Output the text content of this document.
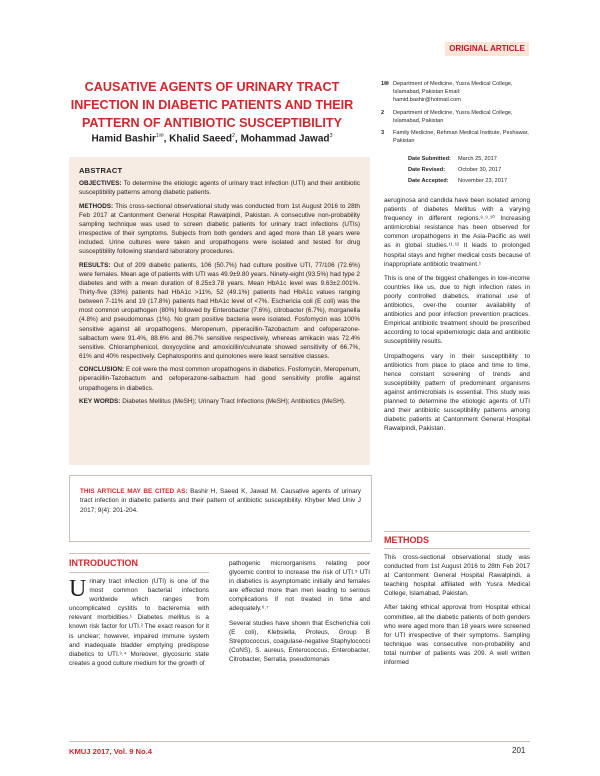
ORIGINAL ARTICLE
CAUSATIVE AGENTS OF URINARY TRACT INFECTION IN DIABETIC PATIENTS AND THEIR PATTERN OF ANTIBIOTIC SUSCEPTIBILITY
Hamid Bashir$^{1✉}$, Khalid Saeed$^2$, Mohammad Jawad$^3$
1✉ Department of Medicine, Yusra Medical College, Islamabad, Pakistan Email: hamid.bashir@hotmail.com
2	Department of Medicine, Yusra Medical College, Islamabad, Pakistan
3	Family Medicine, Rehman Medical Institute, Peshawar, Pakistan
Date Submitted:	March 25, 2017
Date Revised:	October 30, 2017
Date Accepted:	November 23, 2017
ABSTRACT

OBJECTIVES: To determine the etiologic agents of urinary tract infection (UTI) and their antibiotic susceptibility patterns among diabetic patients.

METHODS: This cross-sectional observational study was conducted from 1st August 2016 to 28th Feb 2017 at Cantonment General Hospital Rawalpindi, Pakistan. A consecutive non-probability sampling technique was used to screen diabetic patients for urinary tract infections (UTIs) irrespective of their symptoms. Subjects from both genders and aged more than 18 years were included. Urine cultures were taken and uropathogens were isolated and tested for drug susceptibility following standard laboratory procedures.

RESULTS: Out of 209 diabetic patients, 106 (50.7%) had culture positive UTI, 77/106 (72.6%) were females. Mean age of patients with UTI was 49.9±9.80 years. Ninety-eight (93.5%) had type 2 diabetes and with a mean duration of 8.25±3.78 years. Mean HbA1c level was 9.63±2.001%. Thirty-five (33%) patients had HbA1c >11%, 52 (49.1%) patients had HbA1c values ranging between 7-11% and 19 (17.8%) patients had HbA1c level of <7%. Eschericia coli (E coli) was the most common uropathogen (80%) followed by Enterobacter (7.6%), citrobacter (6.7%), morganella (4.8%) and pseudomonas (1%). No gram positive bacteria were isolated. Fosfomycin was 100% sensitive against all uropathogens. Meropenum, piperacillin-Tazobactum and cefoperazone-salbactum were 91.4%, 88.6% and 86.7% sensitive respectively, whereas amikacin was 72.4% sensitive. Chloramphenicol, doxycycline and amoxicillin/culvunate showed sensitivity of 66.7%, 61% and 40% respectively. Cephalosporins and quinolones were least sensitive classes.

CONCLUSION: E coli were the most common uropathogens in diabetics. Fosfomycin, Meropenum, piperacillin-Tazobactum and cefoperazone-salbactum had good sensitivity profile against uropathogens in diabetics.

KEY WORDS: Diabetes Mellitus (MeSH); Urinary Tract Infections (MeSH); Antibiotics (MeSH).

THIS ARTICLE MAY BE CITED AS: Bashir H, Saeed K, Jawad M. Causative agents of urinary tract infection in diabetic patients and their pattern of antibiotic susceptibility. Khyber Med Univ J 2017; 9(4): 201-204.
INTRODUCTION
Urinary tract infection (UTI) is one of the most common bacterial infections worldwide which ranges from uncomplicated cystitis to bacteremia with relevant morbidities.¹ Diabetes mellitus is a known risk factor for UTI.² The exact reason for it is unclear; however, impaired immune system and inadequate bladder emptying predispose diabetics to UTI.³˒⁴ Moreover, glycosuric state creates a good culture medium for the growth of

pathogenic microorganisms relating poor glycemic control to increase the risk of UTI.⁵ UTI in diabetics is asymptomatic initially and females are effected more than men leading to serious complications if not treated in time and adequately.⁶˒⁷

Several studies have shown that Escherichia coli (E coli), Klebsiella, Proteus, Group B Streptococcus, coagulase-negative Staphylococci (CoNS), S. aureus, Enterococcus, Enterobacter, Citrobacter, Serratia, pseudomonas

aeruginosa and candida have been isolated among patients of diabetes Mellitus with a varying frequency in different regions.⁸˒⁹˒¹⁰ Increasing antimicrobial resistance has been observed for common uropathogens in the Asia-Pacific as well as in global studies.¹¹˒¹² It leads to prolonged hospital stays and higher medical costs because of inappropriate antibiotic treatment.¹

This is one of the biggest challenges in low-income countries like us, due to high infection rates in poorly controlled diabetics, irrational use of antibiotics, over-the counter availability of antibiotics and poor infection prevention practices. Empirical antibiotic treatment should be prescribed according to local epidemiologic data and antibiotic susceptibility results.

Uropathogens vary in their susceptibility to antibiotics from place to place and time to time, hence constant screening of trends and susceptibility pattern of predominant organisms against antimicrobials is essential. This study was planned to determine the etiologic agents of UTI and their antibiotic susceptibility patterns among diabetic patients at Cantonment General Hospital Rawalpindi, Pakistan.

METHODS

This cross-sectional observational study was conducted from 1st August 2016 to 28th Feb 2017 at Cantonment General Hospital Rawalpindi, a teaching hospital affiliated with Yusra Medical College, Islamabad, Pakistan.

After taking ethical approval from Hospital ethical committee, all the diabetic patients of both genders who were aged more than 18 years were screened for UTI irrespective of their symptoms. Sampling technique was consecutive non-probability and total number of patients was 209. A well written informed

KMUJ 2017, Vol. 9 No.4	201
